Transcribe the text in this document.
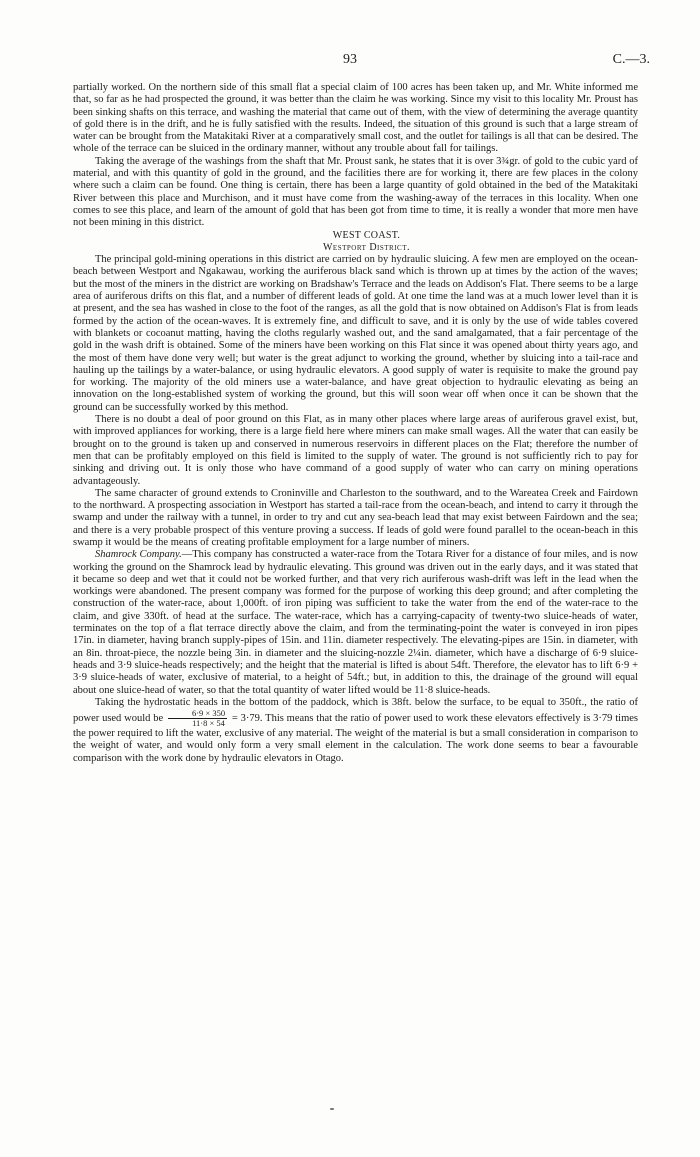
93	C.—3.

partially worked. On the northern side of this small flat a special claim of 100 acres has been taken up, and Mr. White informed me that, so far as he had prospected the ground, it was better than the claim he was working. Since my visit to this locality Mr. Proust has been sinking shafts on this terrace, and washing the material that came out of them, with the view of determining the average quantity of gold there is in the drift, and he is fully satisfied with the results. Indeed, the situation of this ground is such that a large stream of water can be brought from the Matakitaki River at a comparatively small cost, and the outlet for tailings is all that can be desired. The whole of the terrace can be sluiced in the ordinary manner, without any trouble about fall for tailings.

Taking the average of the washings from the shaft that Mr. Proust sank, he states that it is over 3¾gr. of gold to the cubic yard of material, and with this quantity of gold in the ground, and the facilities there are for working it, there are few places in the colony where such a claim can be found. One thing is certain, there has been a large quantity of gold obtained in the bed of the Matakitaki River between this place and Murchison, and it must have come from the washing-away of the terraces in this locality. When one comes to see this place, and learn of the amount of gold that has been got from time to time, it is really a wonder that more men have not been mining in this district.

WEST COAST.

Westport District.

The principal gold-mining operations in this district are carried on by hydraulic sluicing. A few men are employed on the ocean-beach between Westport and Ngakawau, working the auriferous black sand which is thrown up at times by the action of the waves; but the most of the miners in the district are working on Bradshaw's Terrace and the leads on Addison's Flat. There seems to be a large area of auriferous drifts on this flat, and a number of different leads of gold. At one time the land was at a much lower level than it is at present, and the sea has washed in close to the foot of the ranges, as all the gold that is now obtained on Addison's Flat is from leads formed by the action of the ocean-waves. It is extremely fine, and difficult to save, and it is only by the use of wide tables covered with blankets or cocoanut matting, having the cloths regularly washed out, and the sand amalgamated, that a fair percentage of the gold in the wash drift is obtained. Some of the miners have been working on this Flat since it was opened about thirty years ago, and the most of them have done very well; but water is the great adjunct to working the ground, whether by sluicing into a tail-race and hauling up the tailings by a water-balance, or using hydraulic elevators. A good supply of water is requisite to make the ground pay for working. The majority of the old miners use a water-balance, and have great objection to hydraulic elevating as being an innovation on the long-established system of working the ground, but this will soon wear off when once it can be shown that the ground can be successfully worked by this method.

There is no doubt a deal of poor ground on this Flat, as in many other places where large areas of auriferous gravel exist, but, with improved appliances for working, there is a large field here where miners can make small wages. All the water that can easily be brought on to the ground is taken up and conserved in numerous reservoirs in different places on the Flat; therefore the number of men that can be profitably employed on this field is limited to the supply of water. The ground is not sufficiently rich to pay for sinking and driving out. It is only those who have command of a good supply of water who can carry on mining operations advantageously.

The same character of ground extends to Croninville and Charleston to the southward, and to the Wareatea Creek and Fairdown to the northward. A prospecting association in Westport has started a tail-race from the ocean-beach, and intend to carry it through the swamp and under the railway with a tunnel, in order to try and cut any sea-beach lead that may exist between Fairdown and the sea; and there is a very probable prospect of this venture proving a success. If leads of gold were found parallel to the ocean-beach in this swamp it would be the means of creating profitable employment for a large number of miners.

Shamrock Company.—This company has constructed a water-race from the Totara River for a distance of four miles, and is now working the ground on the Shamrock lead by hydraulic elevating. This ground was driven out in the early days, and it was stated that it became so deep and wet that it could not be worked further, and that very rich auriferous wash-drift was left in the lead when the workings were abandoned. The present company was formed for the purpose of working this deep ground; and after completing the construction of the water-race, about 1,000ft. of iron piping was sufficient to take the water from the end of the water-race to the claim, and give 330ft. of head at the surface. The water-race, which has a carrying-capacity of twenty-two sluice-heads of water, terminates on the top of a flat terrace directly above the claim, and from the terminating-point the water is conveyed in iron pipes 17in. in diameter, having branch supply-pipes of 15in. and 11in. diameter respectively. The elevating-pipes are 15in. in diameter, with an 8in. throat-piece, the nozzle being 3in. in diameter and the sluicing-nozzle 2¼in. diameter, which have a discharge of 6·9 sluice-heads and 3·9 sluice-heads respectively; and the height that the material is lifted is about 54ft. Therefore, the elevator has to lift 6·9 + 3·9 sluice-heads of water, exclusive of material, to a height of 54ft.; but, in addition to this, the drainage of the ground will equal about one sluice-head of water, so that the total quantity of water lifted would be 11·8 sluice-heads.

Taking the hydrostatic heads in the bottom of the paddock, which is 38ft. below the surface, to be equal to 350ft., the ratio of power used would be $\frac{6\cdot 9 \times 350}{11\cdot 8 \times 54} = 3\cdot 79$. This means that the ratio of power used to work these elevators effectively is 3·79 times the power required to lift the water, exclusive of any material. The weight of the material is but a small consideration in comparison to the weight of water, and would only form a very small element in the calculation. The work done seems to bear a favourable comparison with the work done by hydraulic elevators in Otago.
